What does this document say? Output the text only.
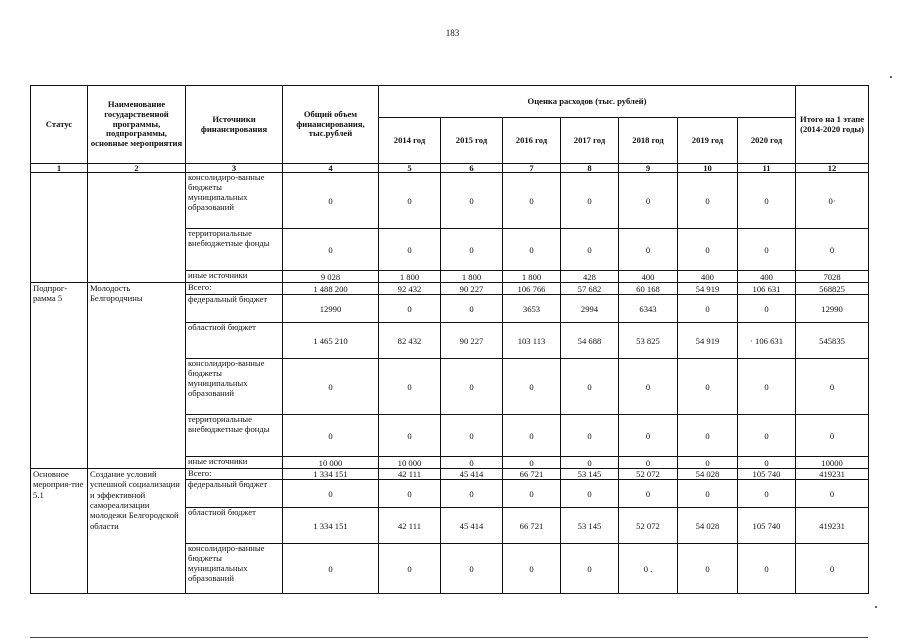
183
Статус	Наименование государственной программы, подпрограммы, основные мероприятия	Источники финансирования	Общий объем финансирования, тыс.рублей	Оценка расходов (тыс. рублей)							Итого на 1 этапе (2014-2020 годы)
				2014 год	2015 год	2016 год	2017 год	2018 год	2019 год	2020 год	
1	2	3	4	5	6	7	8	9	10	11	12
		консолидиро-ванные бюджеты муниципальных образований	0	0	0	0	0	0	0	0	0·
		территориальные внебюджетные фонды	0	0	0	0	0	0	0	0	0
		иные источники	9 028	1 800	1 800	1 800	428	400	400	400	7028
Подпрог-рамма 5	Молодость Белгородчины	Всего:	1 488 200	92 432	90 227	106 766	57 682	60 168	54 919	106 631	568825
		федеральный бюджет	12990	0	0	3653	2994	6343	0	0	12990
		областной бюджет	1 465 210	82 432	90 227	103 113	54 688	53 825	54 919	· 106 631	545835
		консолидиро-ванные бюджеты муниципальных образований	0	0	0	0	0	0	0	0	0
		территориальные внебюджетные фонды	0	0	0	0	0	0	0	0	0
		иные источники	10 000	10 000	0	0	0	0	0	0	10000
Основное мероприя-тие 5.1	Создание условий успешной социализации и эффективной самореализации молодежи Белгородской области	Всего:	1 334 151	42 111	45 414	66 721	53 145	52 072	54 028	105 740	419231
		федеральный бюджет	0	0	0	0	0	0	0	0	0
		областной бюджет	1 334 151	42 111	45 414	66 721	53 145	52 072	54 028	105 740	419231
		консолидиро-ванные бюджеты муниципальных образований	0	0	0	0	0	0 .	0	0	0
